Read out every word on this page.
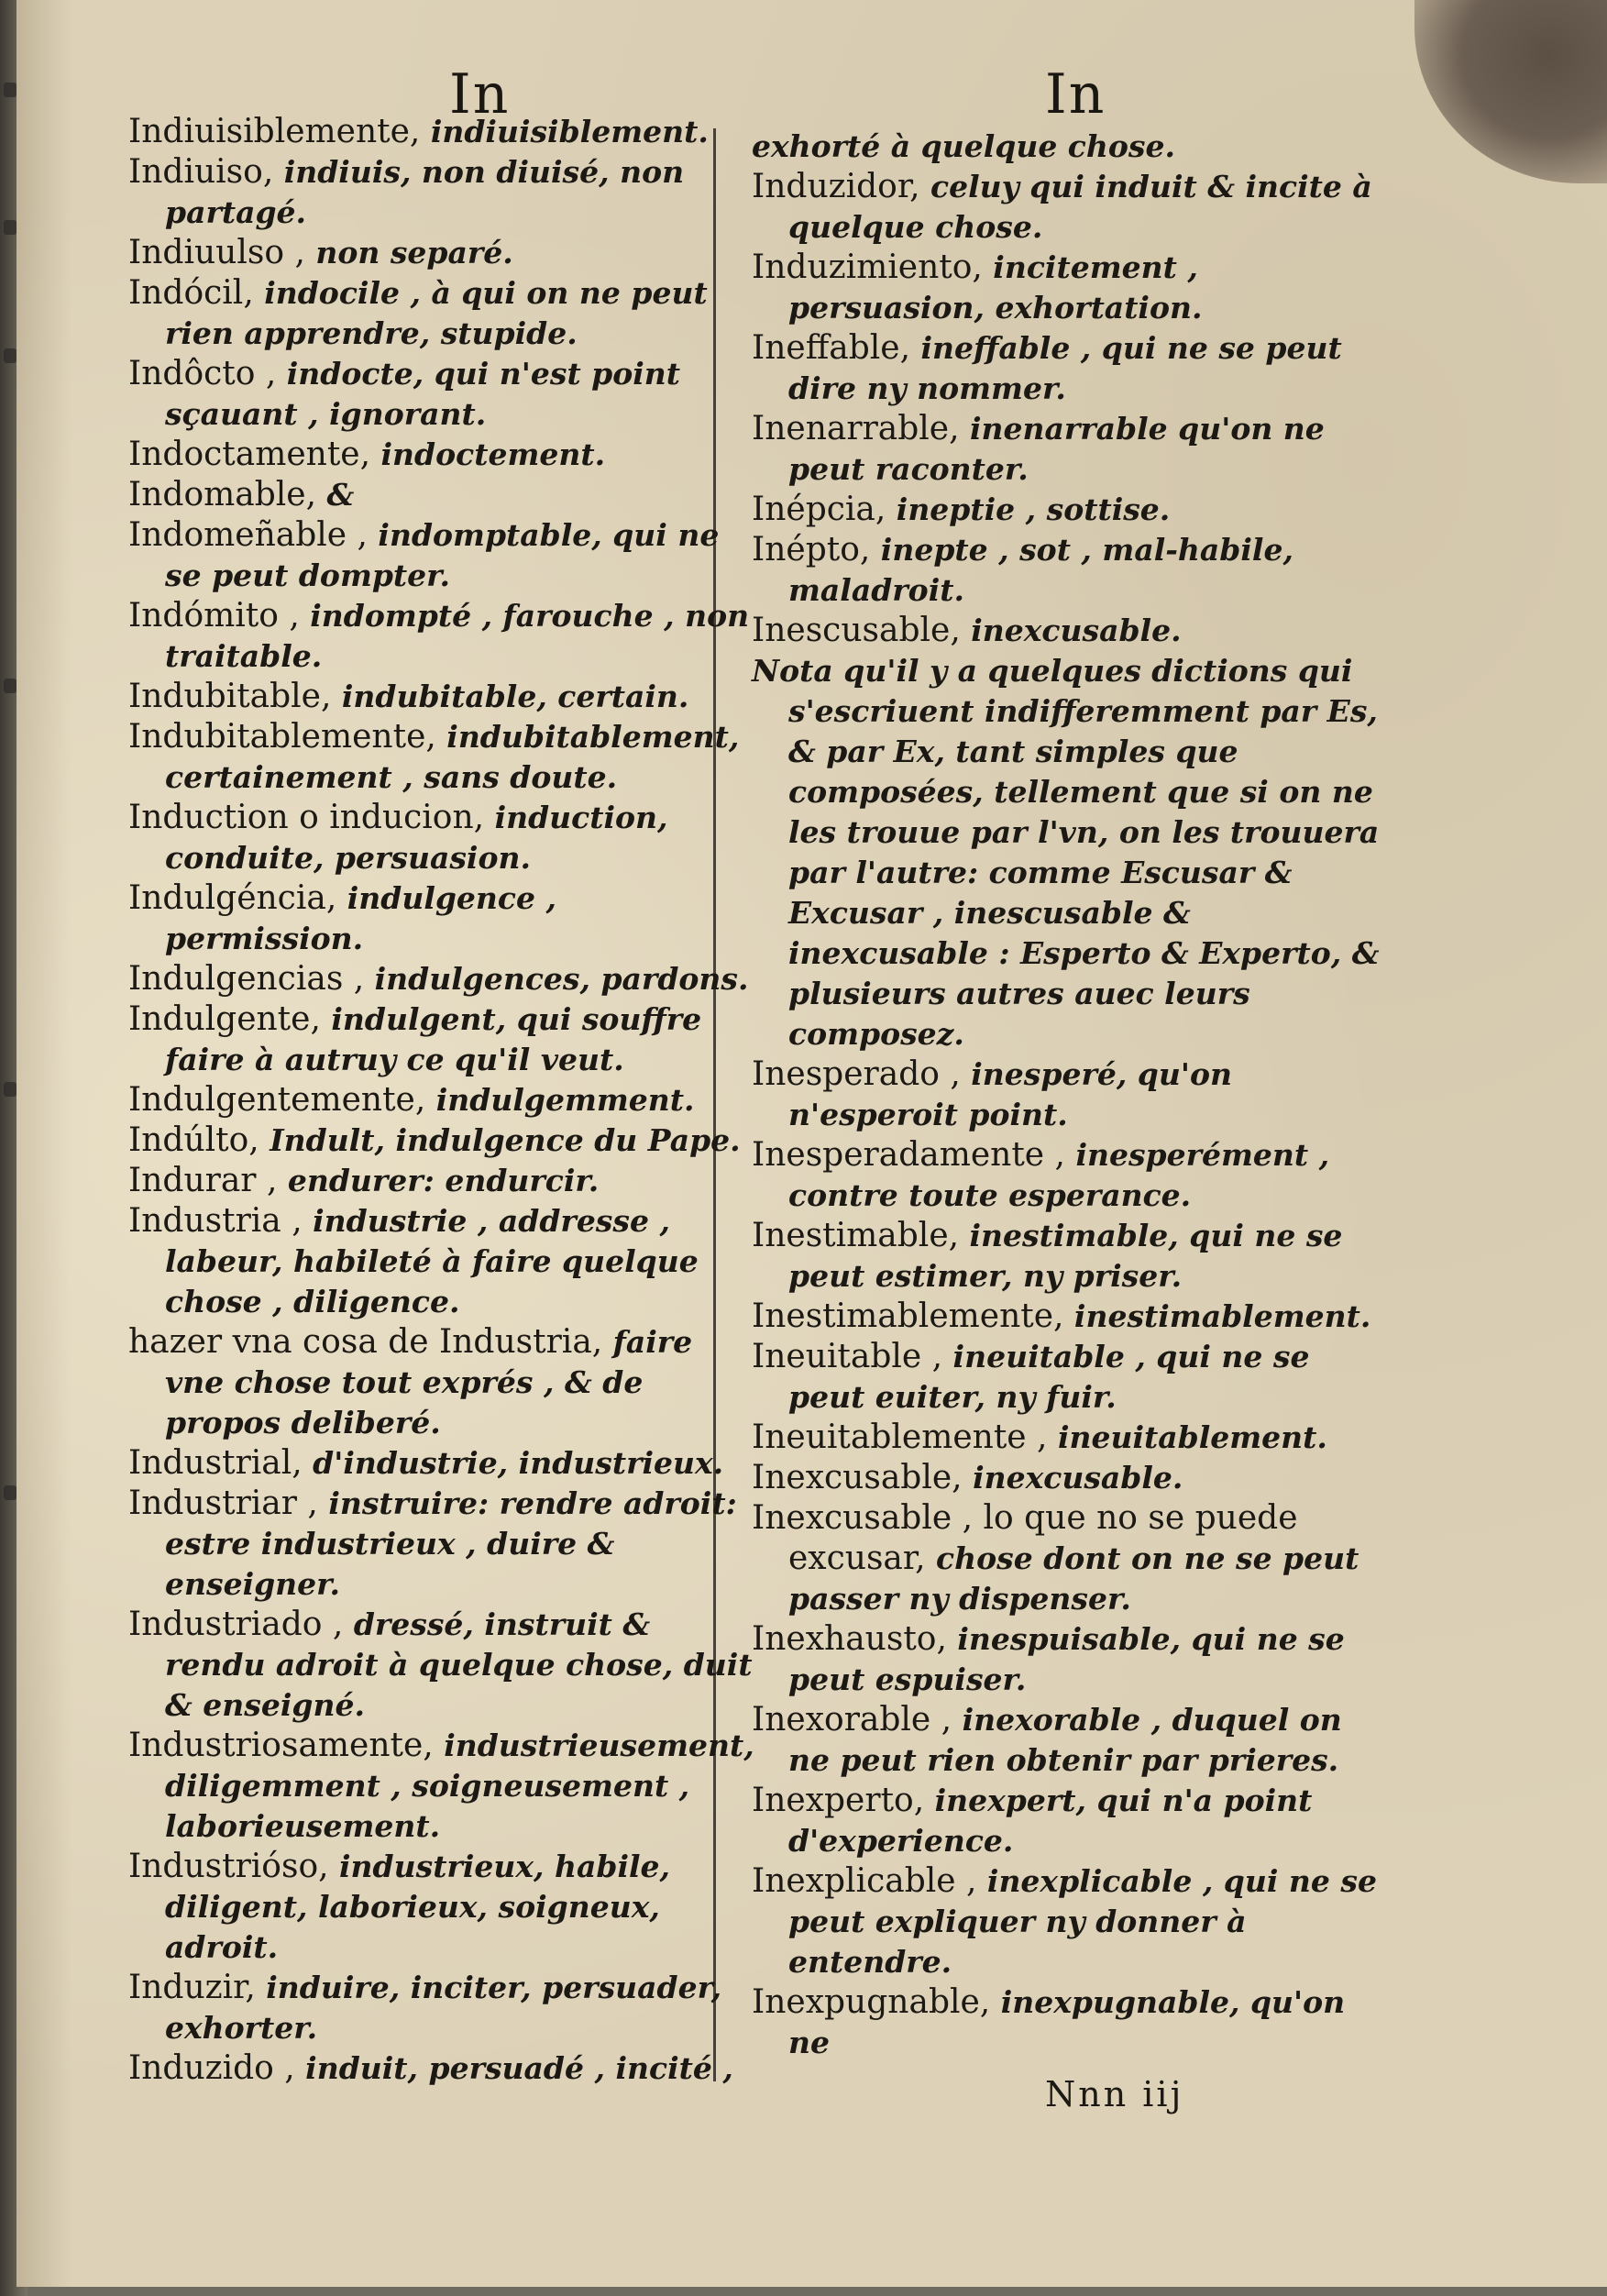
In	In

Indiuisiblemente, indiuisiblement.

Indiuiso, indiuis, non diuisé, non partagé.

Indiuulso , non separé.

Indócil, indocile , à qui on ne peut rien apprendre, stupide.

Indôcto , indocte, qui n'est point sçauant , ignorant.

Indoctamente, indoctement.

Indomable, &

Indomeñable , indomptable, qui ne se peut dompter.

Indómito , indompté , farouche , non traitable.

Indubitable, indubitable, certain.

Indubitablemente, indubitablement, certainement , sans doute.

Induction o inducion, induction, conduite, persuasion.

Indulgéncia, indulgence , permission.

Indulgencias , indulgences, pardons.

Indulgente, indulgent, qui souffre faire à autruy ce qu'il veut.

Indulgentemente, indulgemment.

Indúlto, Indult, indulgence du Pape.

Indurar , endurer: endurcir.

Industria , industrie , addresse , labeur, habileté à faire quelque chose , diligence.

hazer vna cosa de Industria, faire vne chose tout exprés , & de propos deliberé.

Industrial, d'industrie, industrieux.

Industriar , instruire: rendre adroit: estre industrieux , duire & enseigner.

Industriado , dressé, instruit & rendu adroit à quelque chose, duit & enseigné.

Industriosamente, industrieusement, diligemment , soigneusement , laborieusement.

Industrióso, industrieux, habile, diligent, laborieux, soigneux, adroit.

Induzir, induire, inciter, persuader, exhorter.

Induzido , induit, persuadé , incité ,

exhorté à quelque chose.

Induzidor, celuy qui induit & incite à quelque chose.

Induzimiento, incitement , persuasion, exhortation.

Ineffable, ineffable , qui ne se peut dire ny nommer.

Inenarrable, inenarrable qu'on ne peut raconter.

Inépcia, ineptie , sottise.

Inépto, inepte , sot , mal-habile, maladroit.

Inescusable, inexcusable.

Nota qu'il y a quelques dictions qui s'escriuent indifferemment par Es, & par Ex, tant simples que composées, tellement que si on ne les trouue par l'vn, on les trouuera par l'autre: comme Escusar & Excusar , inescusable & inexcusable : Esperto & Experto, & plusieurs autres auec leurs composez.

Inesperado , inesperé, qu'on n'esperoit point.

Inesperadamente , inesperément , contre toute esperance.

Inestimable, inestimable, qui ne se peut estimer, ny priser.

Inestimablemente, inestimablement.

Ineuitable , ineuitable , qui ne se peut euiter, ny fuir.

Ineuitablemente , ineuitablement.

Inexcusable, inexcusable.

Inexcusable , lo que no se puede excusar, chose dont on ne se peut passer ny dispenser.

Inexhausto, inespuisable, qui ne se peut espuiser.

Inexorable , inexorable , duquel on ne peut rien obtenir par prieres.

Inexperto, inexpert, qui n'a point d'experience.

Inexplicable , inexplicable , qui ne se peut expliquer ny donner à entendre.

Inexpugnable, inexpugnable, qu'on ne

Nnn iij
